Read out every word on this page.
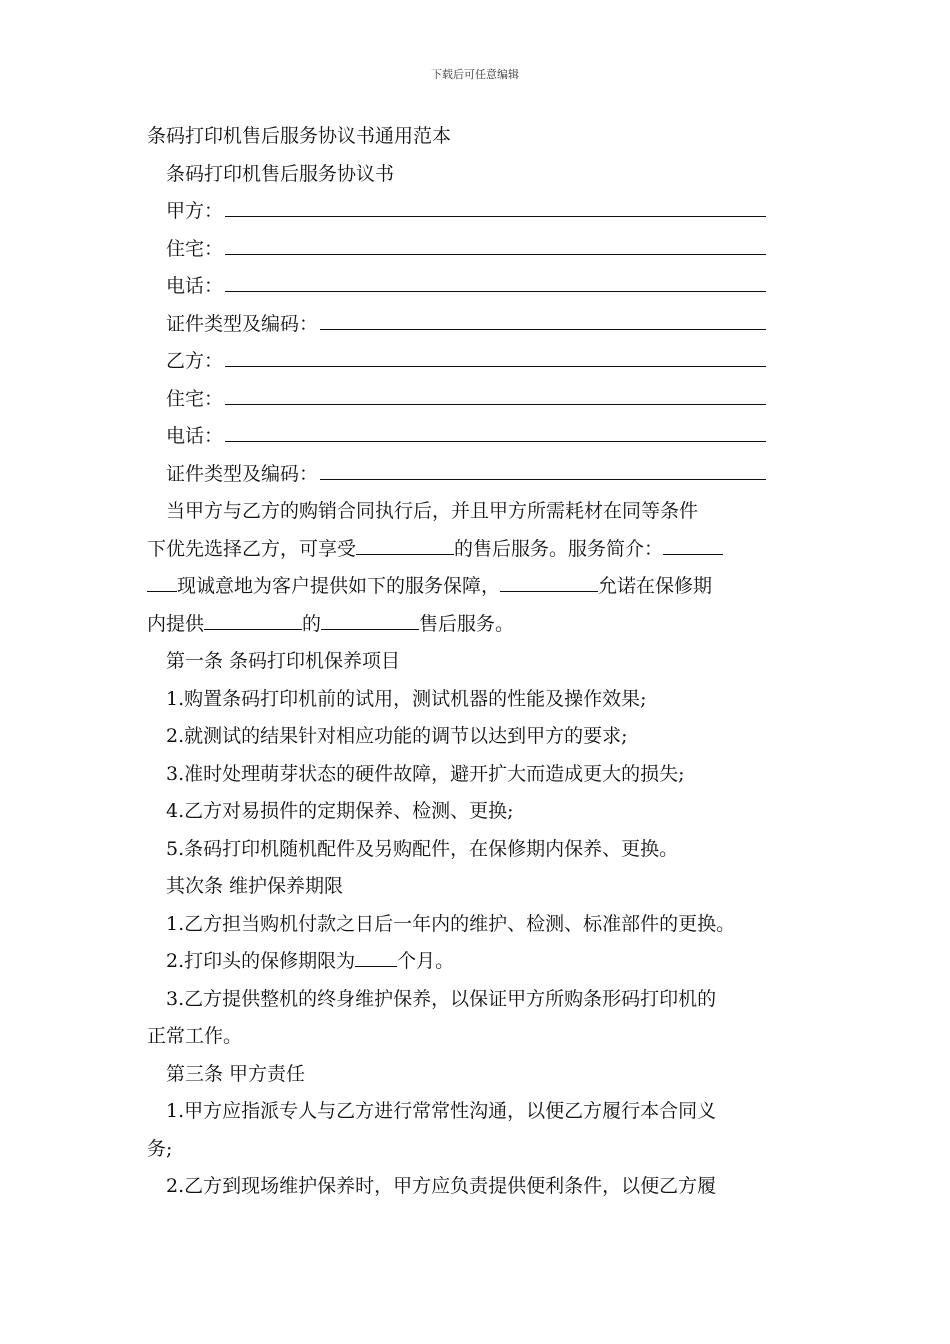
下载后可任意编辑
条码打印机售后服务协议书通用范本
条码打印机售后服务协议书
甲方：
住宅：
电话：
证件类型及编码：
乙方：
住宅：
电话：
证件类型及编码：
当甲方与乙方的购销合同执行后，并且甲方所需耗材在同等条件
下优先选择乙方，可享受	的售后服务。服务简介：
现诚意地为客户提供如下的服务保障，	允诺在保修期
内提供	的	售后服务。
第一条 条码打印机保养项目
1.购置条码打印机前的试用，测试机器的性能及操作效果;
2.就测试的结果针对相应功能的调节以达到甲方的要求;
3.准时处理萌芽状态的硬件故障，避开扩大而造成更大的损失;
4.乙方对易损件的定期保养、检测、更换;
5.条码打印机随机配件及另购配件，在保修期内保养、更换。
其次条 维护保养期限
1.乙方担当购机付款之日后一年内的维护、检测、标准部件的更换。
2.打印头的保修期限为 个月。
3.乙方提供整机的终身维护保养，以保证甲方所购条形码打印机的
正常工作。
第三条 甲方责任
1.甲方应指派专人与乙方进行常常性沟通，以便乙方履行本合同义
务;
2.乙方到现场维护保养时，甲方应负责提供便利条件，以便乙方履
